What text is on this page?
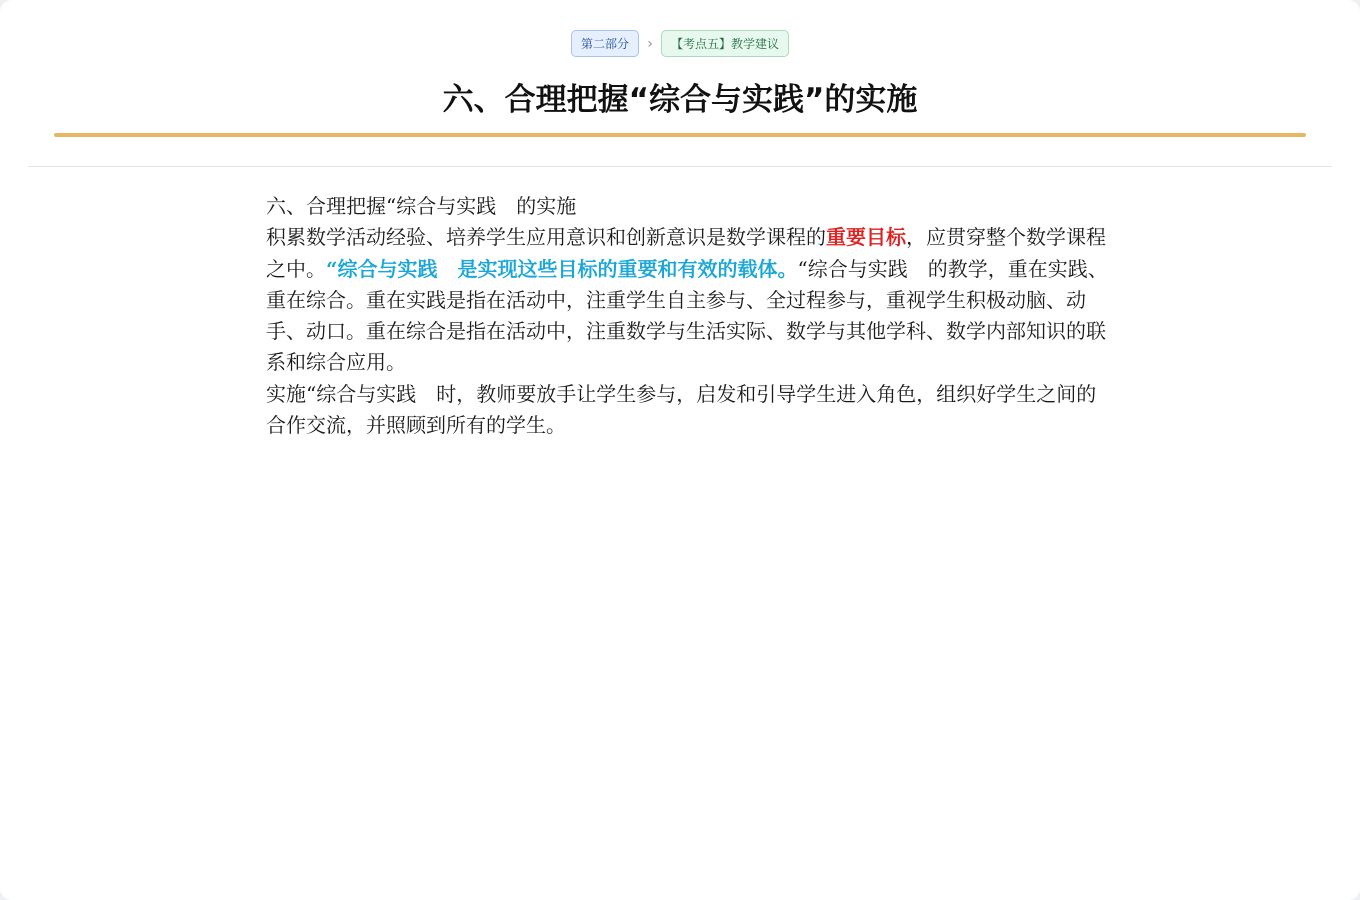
第二部分	›	【考点五】教学建议
六、合理把握“综合与实践”的实施

六、合理把握“综合与实践　的实施

积累数学活动经验、培养学生应用意识和创新意识是数学课程的重要目标，应贯穿整个数学课程之中。“综合与实践　是实现这些目标的重要和有效的载体。“综合与实践　的教学，重在实践、重在综合。重在实践是指在活动中，注重学生自主参与、全过程参与，重视学生积极动脑、动手、动口。重在综合是指在活动中，注重数学与生活实际、数学与其他学科、数学内部知识的联系和综合应用。

实施“综合与实践　时，教师要放手让学生参与，启发和引导学生进入角色，组织好学生之间的合作交流，并照顾到所有的学生。
